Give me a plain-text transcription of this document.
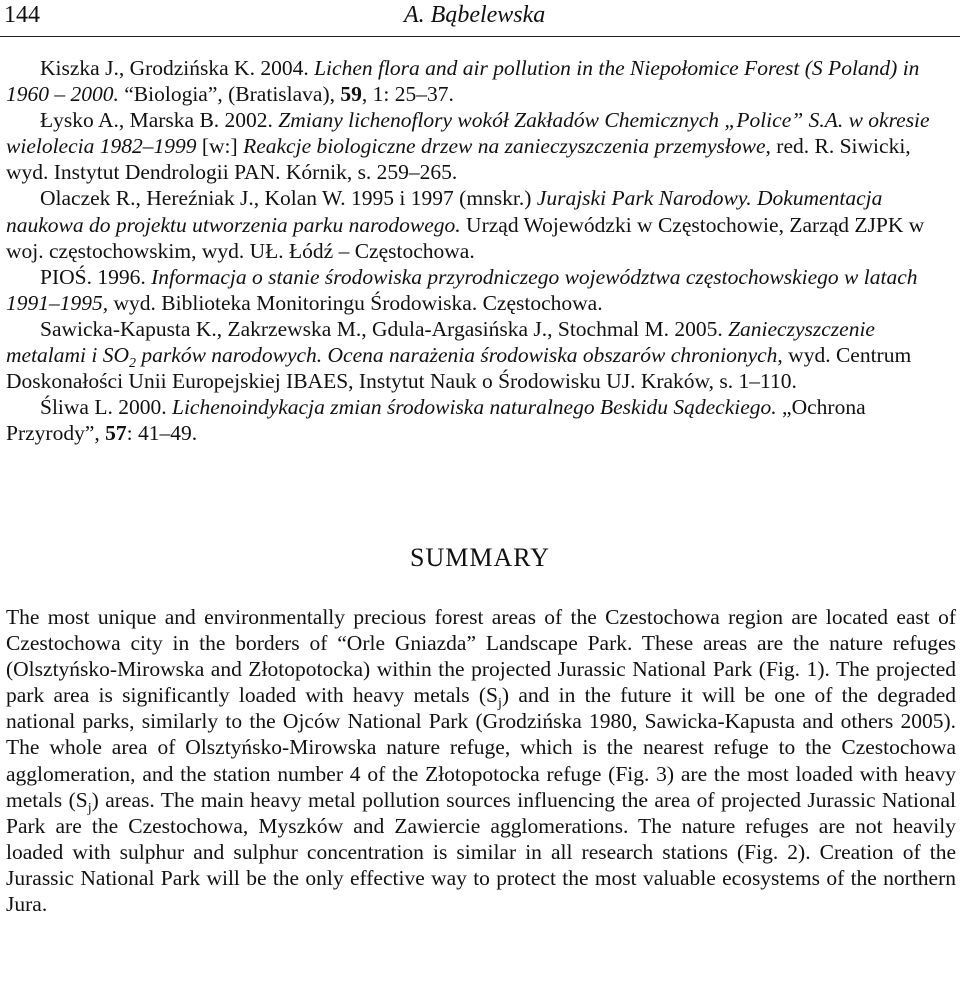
144	A. Bąbelewska

Kiszka J., Grodzińska K. 2004. Lichen flora and air pollution in the Niepołomice Forest (S Poland) in 1960 – 2000. “Biologia”, (Bratislava), 59, 1: 25–37.

Łysko A., Marska B. 2002. Zmiany lichenoflory wokół Zakładów Chemicznych „Police” S.A. w okresie wielolecia 1982–1999 [w:] Reakcje biologiczne drzew na zanieczyszczenia przemysłowe, red. R. Siwicki, wyd. Instytut Dendrologii PAN. Kórnik, s. 259–265.

Olaczek R., Hereźniak J., Kolan W. 1995 i 1997 (mnskr.) Jurajski Park Narodowy. Dokumentacja naukowa do projektu utworzenia parku narodowego. Urząd Wojewódzki w Częstochowie, Zarząd ZJPK w woj. częstochowskim, wyd. UŁ. Łódź – Częstochowa.

PIOŚ. 1996. Informacja o stanie środowiska przyrodniczego województwa częstochowskiego w latach 1991–1995, wyd. Biblioteka Monitoringu Środowiska. Częstochowa.

Sawicka-Kapusta K., Zakrzewska M., Gdula-Argasińska J., Stochmal M. 2005. Zanieczyszczenie metalami i $SO_2$ parków narodowych. Ocena narażenia środowiska obszarów chronionych, wyd. Centrum Doskonałości Unii Europejskiej IBAES, Instytut Nauk o Środowisku UJ. Kraków, s. 1–110.

Śliwa L. 2000. Lichenoindykacja zmian środowiska naturalnego Beskidu Sądeckiego. „Ochrona Przyrody”, 57: 41–49.

SUMMARY

The most unique and environmentally precious forest areas of the Czestochowa region are located east of Czestochowa city in the borders of “Orle Gniazda” Landscape Park. These areas are the nature refuges (Olsztyńsko-Mirowska and Złotopotocka) within the projected Jurassic National Park (Fig. 1). The projected park area is significantly loaded with heavy metals $(S_j)$ and in the future it will be one of the degraded national parks, similarly to the Ojców National Park (Grodzińska 1980, Sawicka-Kapusta and others 2005). The whole area of Olsztyńsko-Mirowska nature refuge, which is the nearest refuge to the Czestochowa agglomeration, and the station number 4 of the Złotopotocka refuge (Fig. 3) are the most loaded with heavy metals $(S_j)$ areas. The main heavy metal pollution sources influencing the area of projected Jurassic National Park are the Czestochowa, Myszków and Zawiercie agglomerations. The nature refuges are not heavily loaded with sulphur and sulphur concentration is similar in all research stations (Fig. 2). Creation of the Jurassic National Park will be the only effective way to protect the most valuable ecosystems of the northern Jura.
